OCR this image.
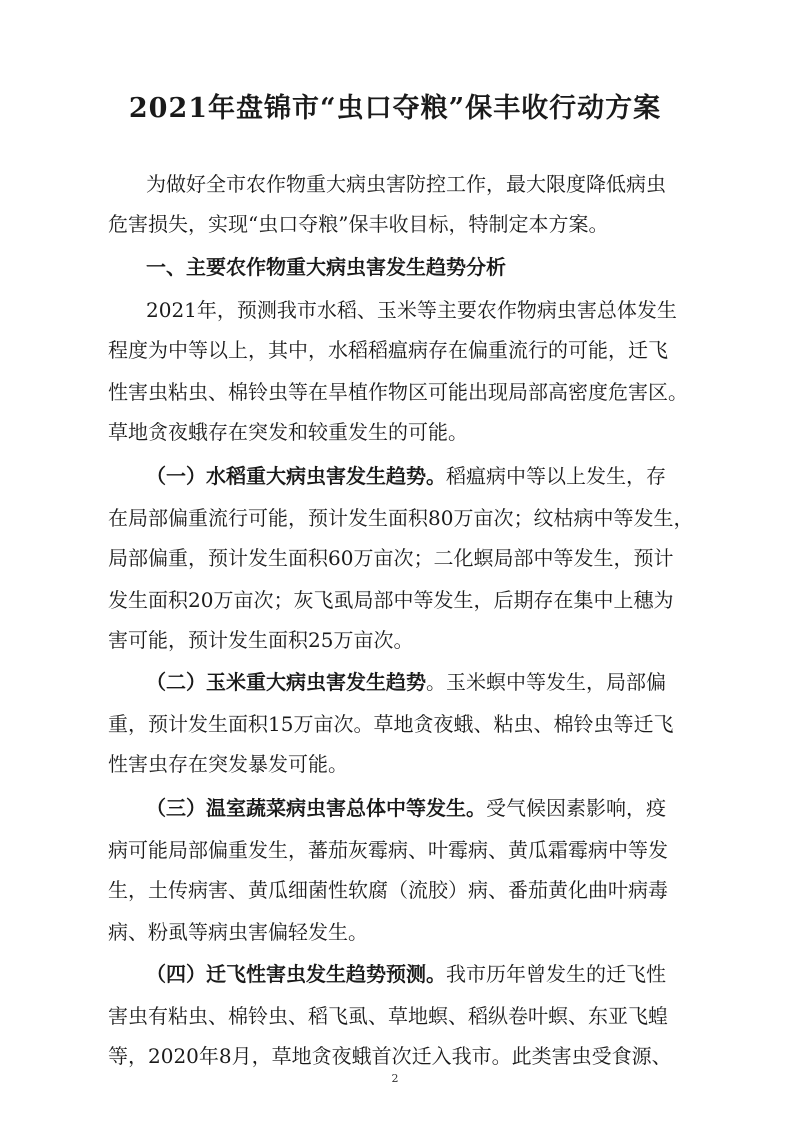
2021年盘锦市“虫口夺粮”保丰收行动方案
为做好全市农作物重大病虫害防控工作，最大限度降低病虫
危害损失，实现“虫口夺粮”保丰收目标，特制定本方案。
一、主要农作物重大病虫害发生趋势分析
2021年，预测我市水稻、玉米等主要农作物病虫害总体发生
程度为中等以上，其中，水稻稻瘟病存在偏重流行的可能，迁飞
性害虫粘虫、棉铃虫等在旱植作物区可能出现局部高密度危害区。
草地贪夜蛾存在突发和较重发生的可能。
（一）水稻重大病虫害发生趋势。稻瘟病中等以上发生，存
在局部偏重流行可能，预计发生面积80万亩次；纹枯病中等发生，
局部偏重，预计发生面积60万亩次；二化螟局部中等发生，预计
发生面积20万亩次；灰飞虱局部中等发生，后期存在集中上穗为
害可能，预计发生面积25万亩次。
（二）玉米重大病虫害发生趋势。玉米螟中等发生，局部偏
重，预计发生面积15万亩次。草地贪夜蛾、粘虫、棉铃虫等迁飞
性害虫存在突发暴发可能。
（三）温室蔬菜病虫害总体中等发生。受气候因素影响，疫
病可能局部偏重发生，蕃茄灰霉病、叶霉病、黄瓜霜霉病中等发
生，土传病害、黄瓜细菌性软腐（流胶）病、番茄黄化曲叶病毒
病、粉虱等病虫害偏轻发生。
（四）迁飞性害虫发生趋势预测。我市历年曾发生的迁飞性
害虫有粘虫、棉铃虫、稻飞虱、草地螟、稻纵卷叶螟、东亚飞蝗
等，2020年8月，草地贪夜蛾首次迁入我市。此类害虫受食源、
2
